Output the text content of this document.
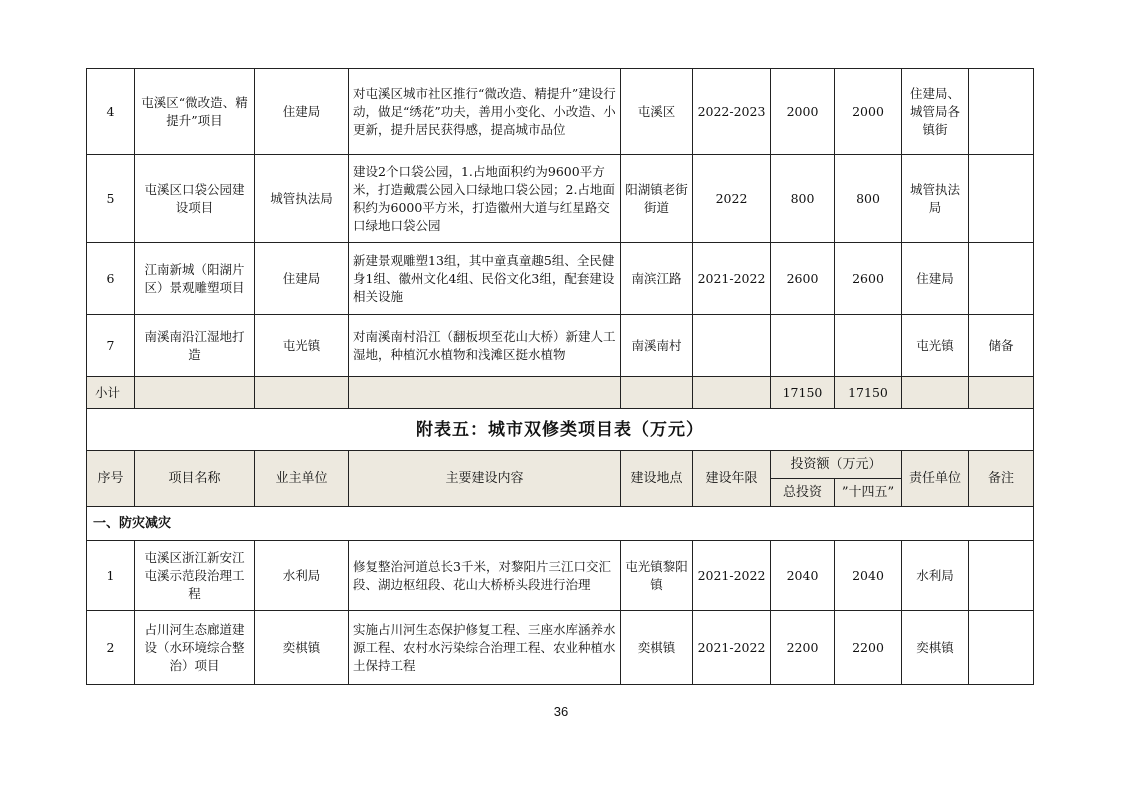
4	屯溪区“微改造、精提升”项目	住建局	对屯溪区城市社区推行“微改造、精提升”建设行动，做足“绣花”功夫，善用小变化、小改造、小更新，提升居民获得感，提高城市品位	屯溪区	2022-2023	2000	2000	住建局、城管局各镇街	
5	屯溪区口袋公园建设项目	城管执法局	建设2个口袋公园，1.占地面积约为9600平方米，打造戴震公园入口绿地口袋公园；2.占地面积约为6000平方米，打造徽州大道与红星路交口绿地口袋公园	阳湖镇老街街道	2022	800	800	城管执法局	
6	江南新城（阳湖片区）景观雕塑项目	住建局	新建景观雕塑13组，其中童真童趣5组、全民健身1组、徽州文化4组、民俗文化3组，配套建设相关设施	南滨江路	2021-2022	2600	2600	住建局	
7	南溪南沿江湿地打造	屯光镇	对南溪南村沿江（翻板坝至花山大桥）新建人工湿地，种植沉水植物和浅滩区挺水植物	南溪南村				屯光镇	储备
小计						17150	17150		
附表五：城市双修类项目表（万元）									
序号	项目名称	业主单位	主要建设内容	建设地点	建设年限	投资额（万元）		责任单位	备注
						总投资	”十四五”		
一、防灾减灾									
1	屯溪区浙江新安江屯溪示范段治理工程	水利局	修复整治河道总长3千米，对黎阳片三江口交汇段、湖边枢纽段、花山大桥桥头段进行治理	屯光镇黎阳镇	2021-2022	2040	2040	水利局	
2	占川河生态廊道建设（水环境综合整治）项目	奕棋镇	实施占川河生态保护修复工程、三座水库涵养水源工程、农村水污染综合治理工程、农业种植水土保持工程	奕棋镇	2021-2022	2200	2200	奕棋镇	
36
